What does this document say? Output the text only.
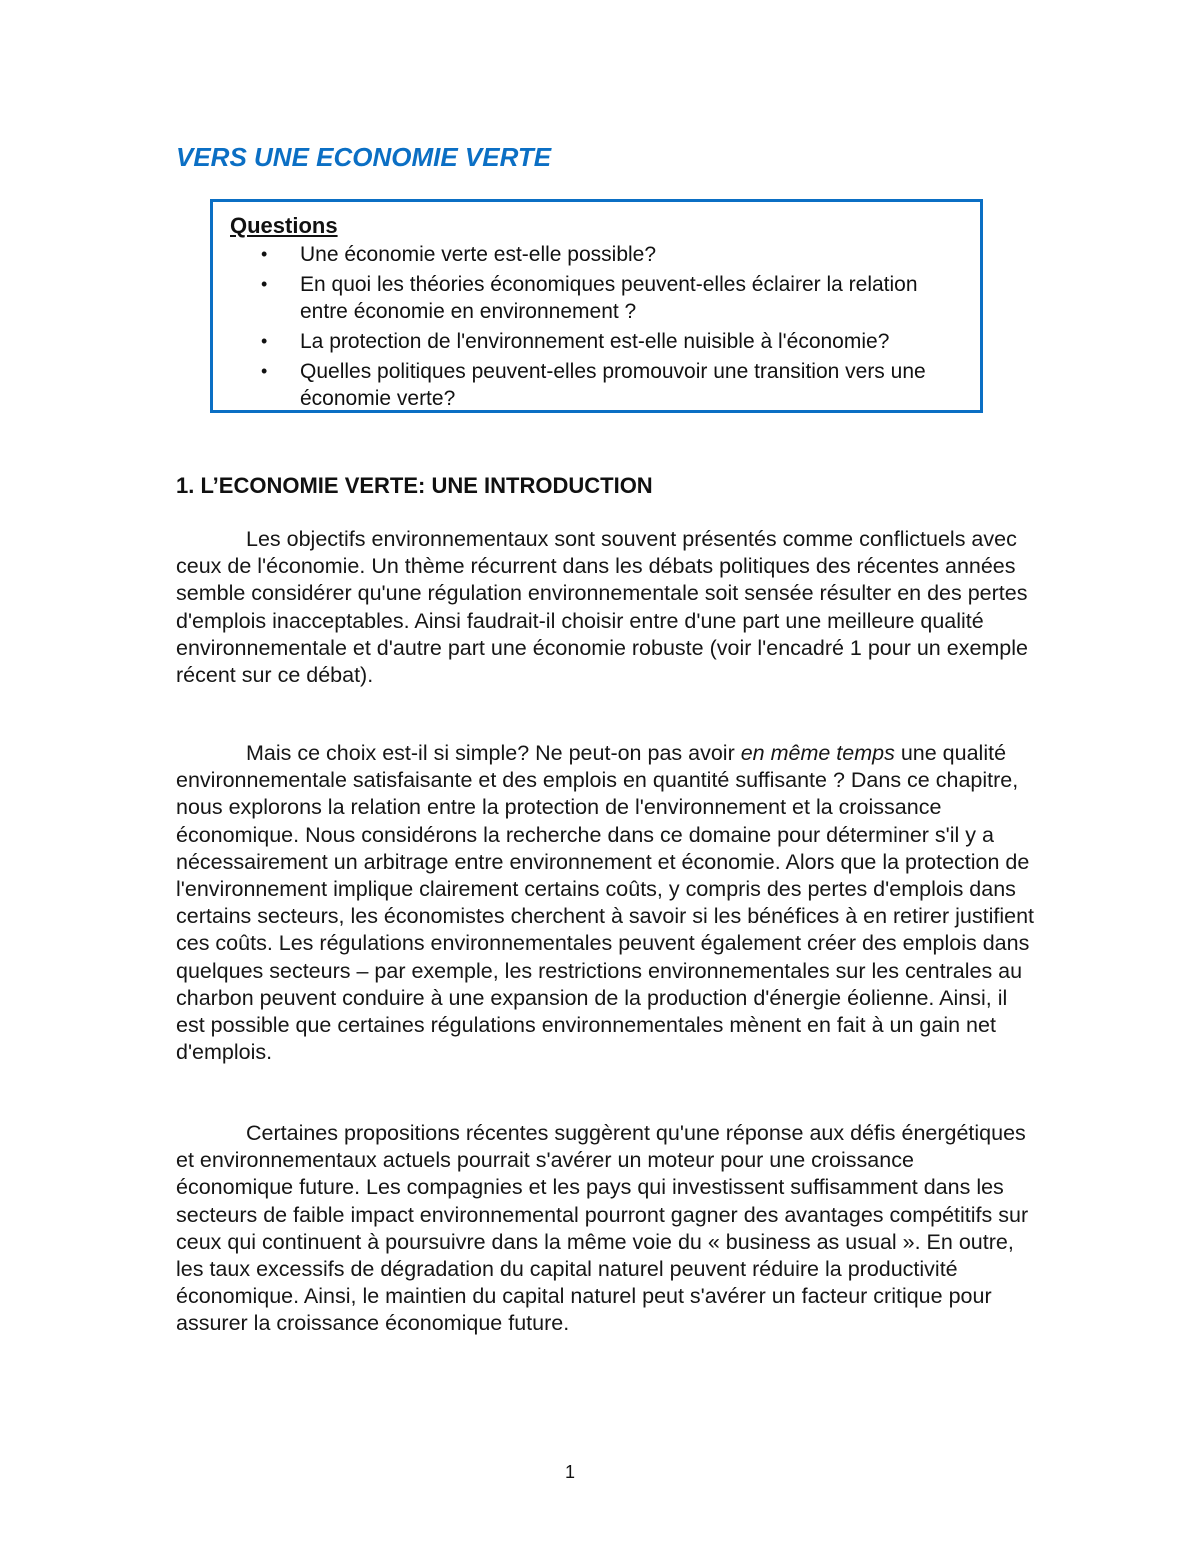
VERS UNE ECONOMIE VERTE
Questions
• Une économie verte est-elle possible?
• En quoi les théories économiques peuvent-elles éclairer la relation entre économie en environnement ?
• La protection de l'environnement est-elle nuisible à l'économie?
• Quelles politiques peuvent-elles promouvoir une transition vers une économie verte?
1. L’ECONOMIE VERTE: UNE INTRODUCTION

Les objectifs environnementaux sont souvent présentés comme conflictuels avec ceux de l'économie. Un thème récurrent dans les débats politiques des récentes années semble considérer qu'une régulation environnementale soit sensée résulter en des pertes d'emplois inacceptables. Ainsi faudrait-il choisir entre d'une part une meilleure qualité environnementale et d'autre part une économie robuste (voir l'encadré 1 pour un exemple récent sur ce débat).

Mais ce choix est-il si simple? Ne peut-on pas avoir en même temps une qualité environnementale satisfaisante et des emplois en quantité suffisante ? Dans ce chapitre, nous explorons la relation entre la protection de l'environnement et la croissance économique. Nous considérons la recherche dans ce domaine pour déterminer s'il y a nécessairement un arbitrage entre environnement et économie. Alors que la protection de l'environnement implique clairement certains coûts, y compris des pertes d'emplois dans certains secteurs, les économistes cherchent à savoir si les bénéfices à en retirer justifient ces coûts. Les régulations environnementales peuvent également créer des emplois dans quelques secteurs – par exemple, les restrictions environnementales sur les centrales au charbon peuvent conduire à une expansion de la production d'énergie éolienne. Ainsi, il est possible que certaines régulations environnementales mènent en fait à un gain net d'emplois.

Certaines propositions récentes suggèrent qu'une réponse aux défis énergétiques et environnementaux actuels pourrait s'avérer un moteur pour une croissance économique future. Les compagnies et les pays qui investissent suffisamment dans les secteurs de faible impact environnemental pourront gagner des avantages compétitifs sur ceux qui continuent à poursuivre dans la même voie du « business as usual ». En outre, les taux excessifs de dégradation du capital naturel peuvent réduire la productivité économique. Ainsi, le maintien du capital naturel peut s'avérer un facteur critique pour assurer la croissance économique future.

1
